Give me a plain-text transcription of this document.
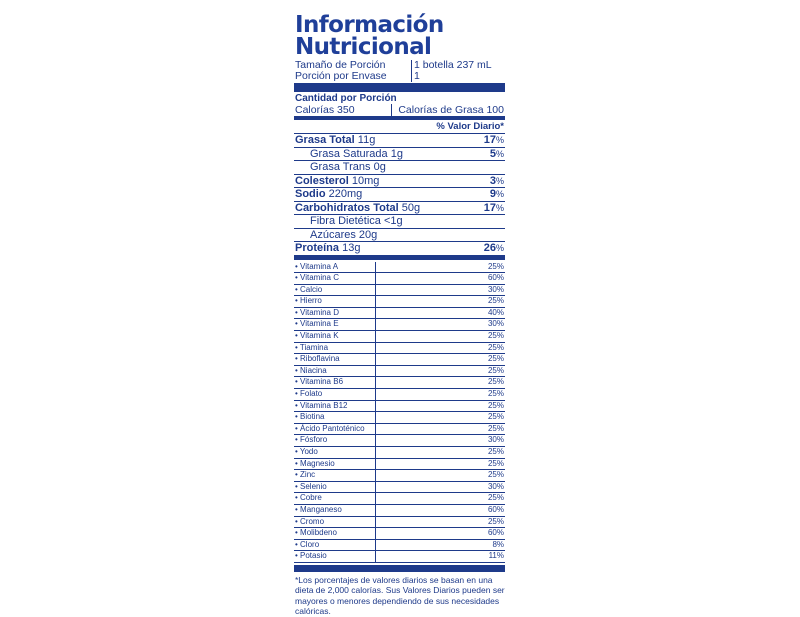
Información
Nutricional
Tamaño de Porción	1 botella 237 mL
Porción por Envase	1
Cantidad por Porción
Calorías 350	Calorías de Grasa 100
% Valor Diario*
Grasa Total 11g	17%
Grasa Saturada 1g	5%
Grasa Trans 0g
Colesterol 10mg	3%
Sodio 220mg	9%
Carbohidratos Total 50g	17%
Fibra Dietética <1g
Azúcares 20g
Proteína 13g	26%
• Vitamina A	25%
• Vitamina C	60%
• Calcio	30%
• Hierro	25%
• Vitamina D	40%
• Vitamina E	30%
• Vitamina K	25%
• Tiamina	25%
• Riboflavina	25%
• Niacina	25%
• Vitamina B6	25%
• Folato	25%
• Vitamina B12	25%
• Biotina	25%
• Ácido Pantoténico	25%
• Fósforo	30%
• Yodo	25%
• Magnesio	25%
• Zinc	25%
• Selenio	30%
• Cobre	25%
• Manganeso	60%
• Cromo	25%
• Molibdeno	60%
• Cloro	8%
• Potasio	11%
*Los porcentajes de valores diarios se basan en una dieta de 2,000 calorías. Sus Valores Diarios pueden ser mayores o menores dependiendo de sus necesidades calóricas.
